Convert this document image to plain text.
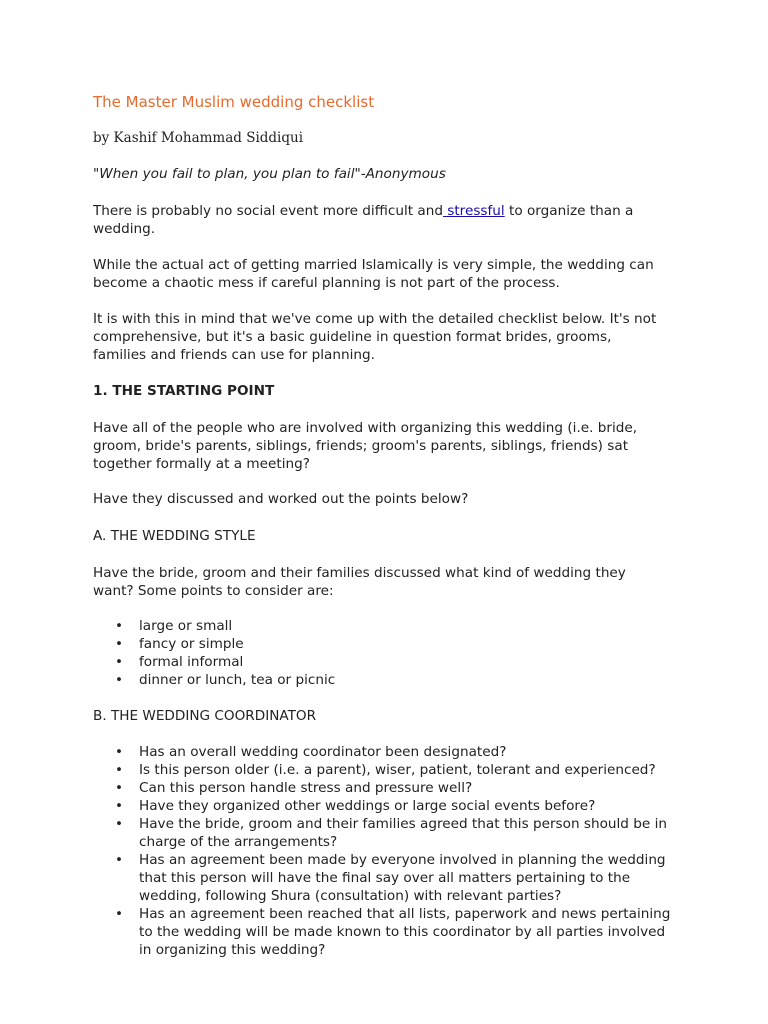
The Master Muslim wedding checklist

by Kashif Mohammad Siddiqui

"When you fail to plan, you plan to fail"-Anonymous

There is probably no social event more difficult and stressful to organize than a wedding.

While the actual act of getting married Islamically is very simple, the wedding can become a chaotic mess if careful planning is not part of the process.

It is with this in mind that we've come up with the detailed checklist below. It's not comprehensive, but it's a basic guideline in question format brides, grooms, families and friends can use for planning.

1. THE STARTING POINT

Have all of the people who are involved with organizing this wedding (i.e. bride, groom, bride's parents, siblings, friends; groom's parents, siblings, friends) sat together formally at a meeting?

Have they discussed and worked out the points below?

A. THE WEDDING STYLE

Have the bride, groom and their families discussed what kind of wedding they want? Some points to consider are:

• large or small
• fancy or simple
• formal informal
• dinner or lunch, tea or picnic

B. THE WEDDING COORDINATOR

• Has an overall wedding coordinator been designated?
• Is this person older (i.e. a parent), wiser, patient, tolerant and experienced?
• Can this person handle stress and pressure well?
• Have they organized other weddings or large social events before?
• Have the bride, groom and their families agreed that this person should be in charge of the arrangements?
• Has an agreement been made by everyone involved in planning the wedding that this person will have the final say over all matters pertaining to the wedding, following Shura (consultation) with relevant parties?
• Has an agreement been reached that all lists, paperwork and news pertaining to the wedding will be made known to this coordinator by all parties involved in organizing this wedding?
